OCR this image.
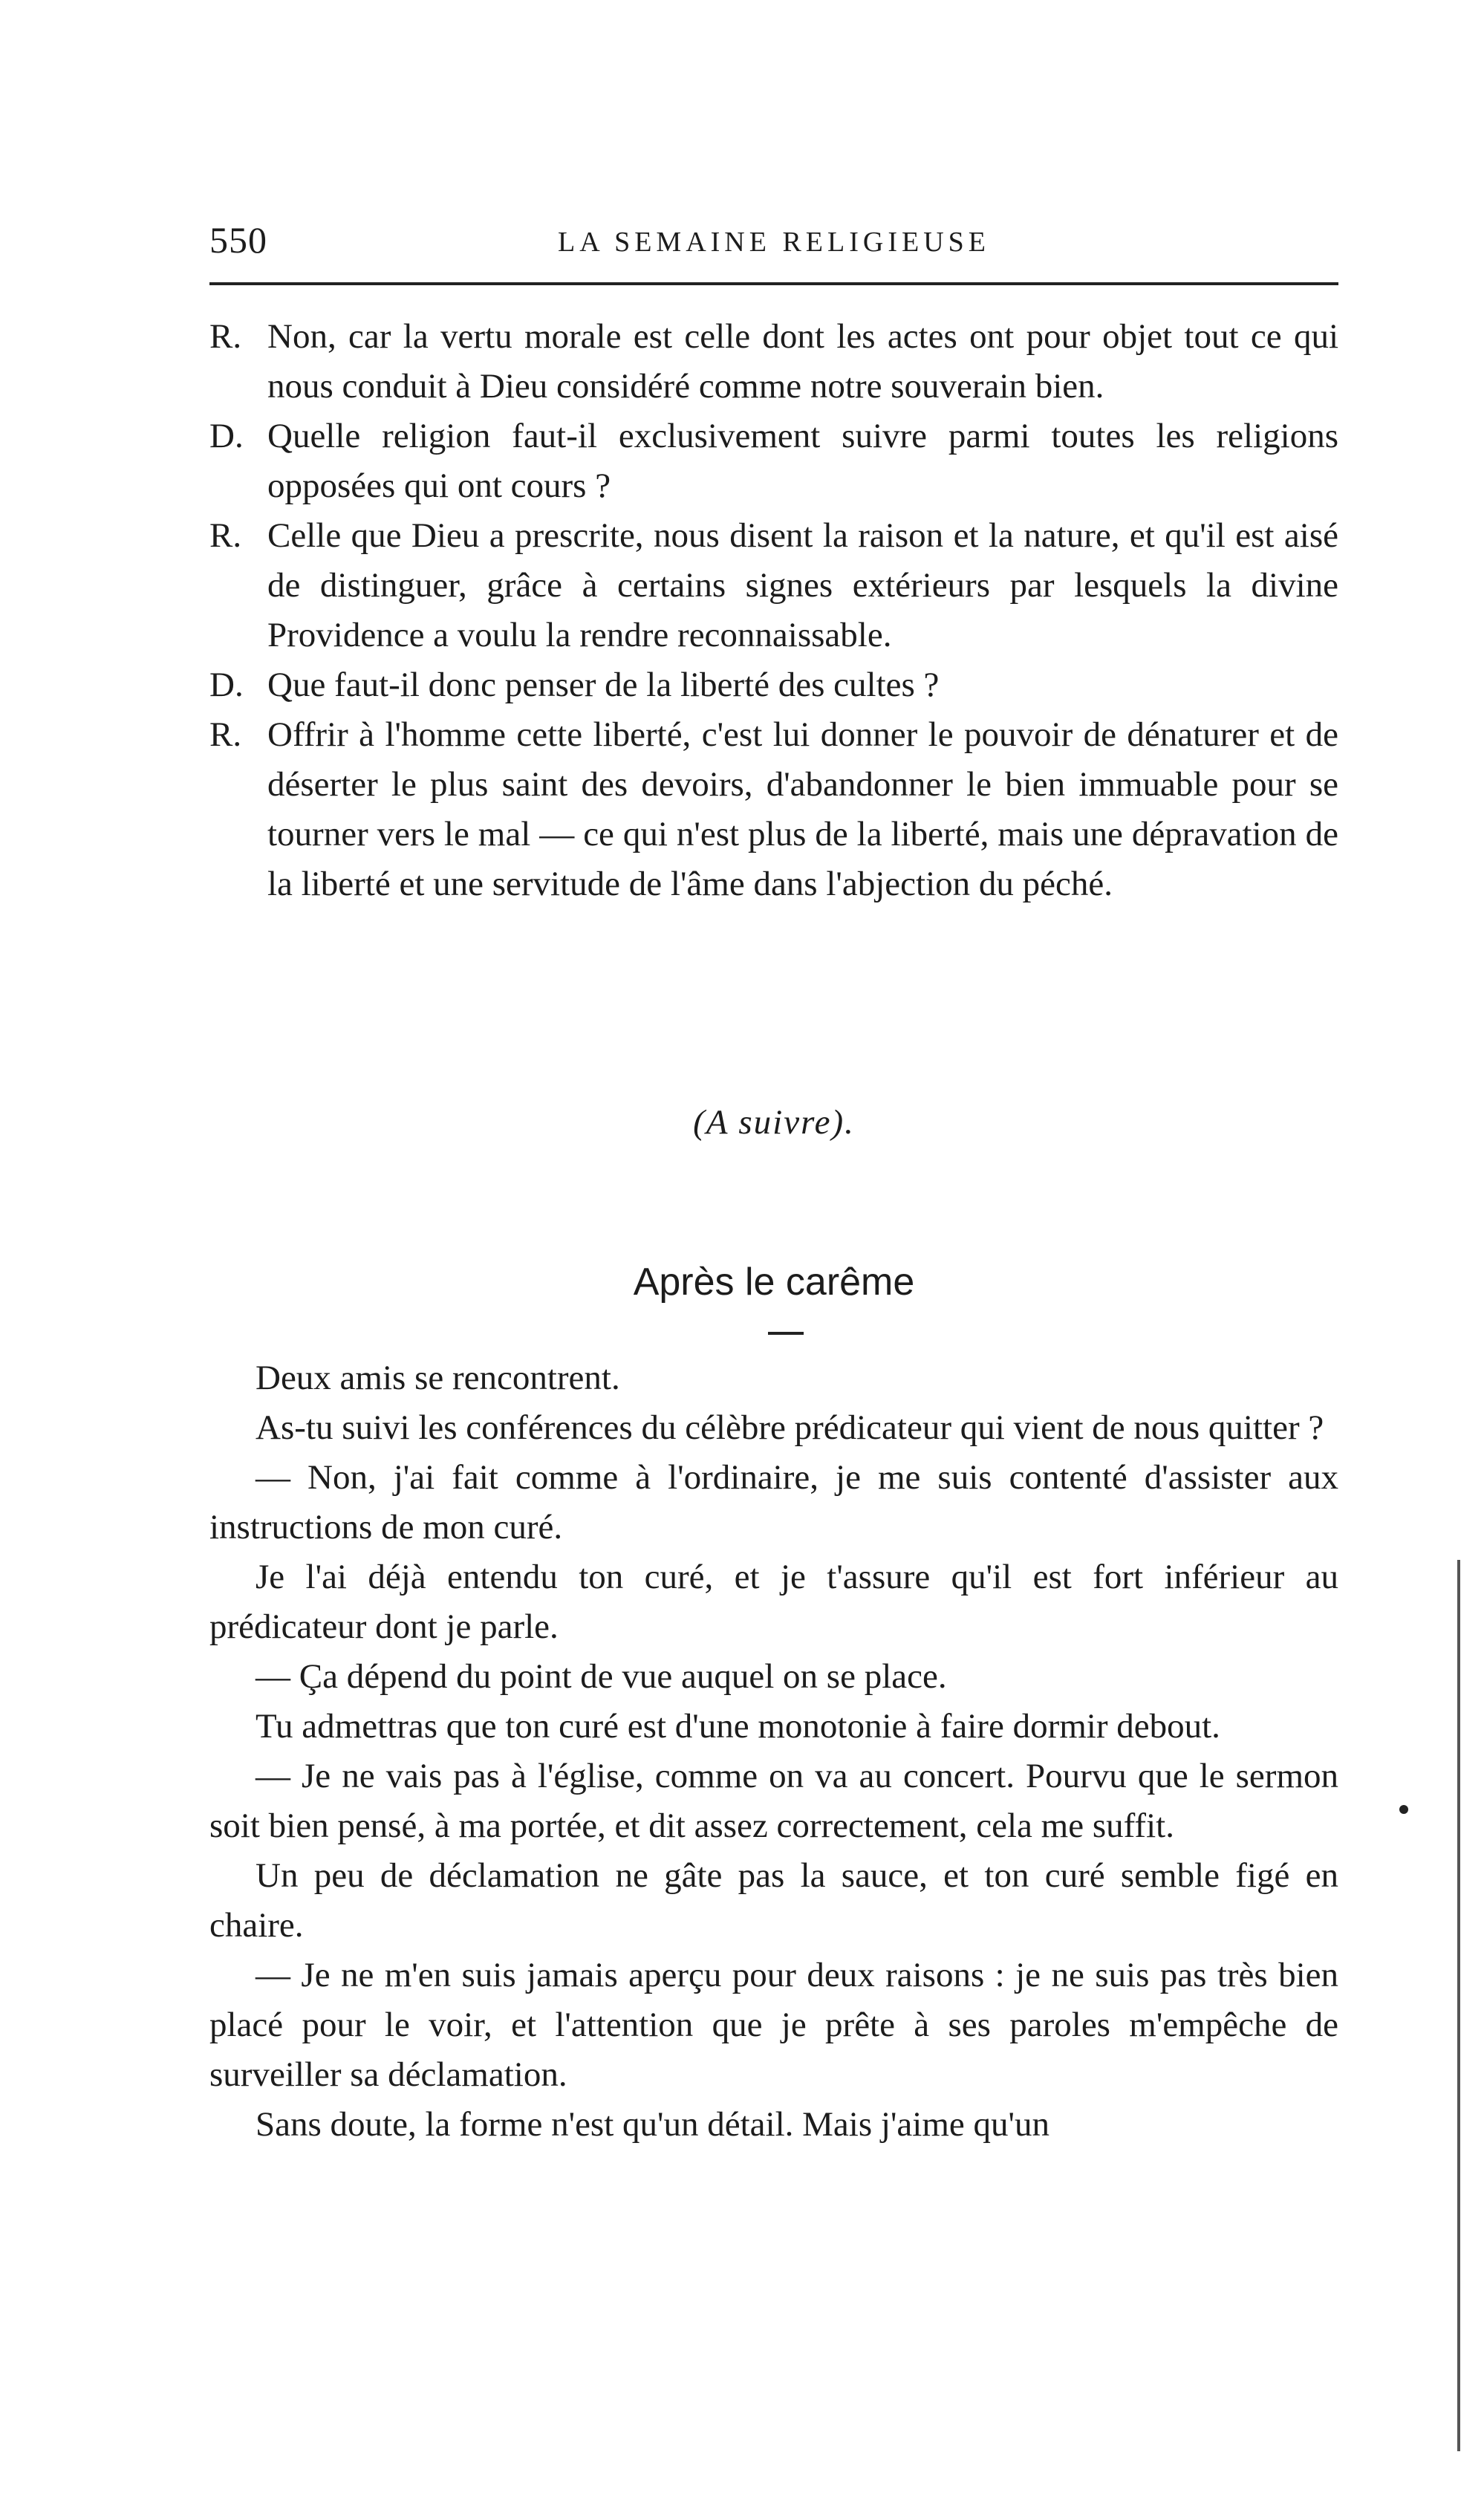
550	LA SEMAINE RELIGIEUSE

R. Non, car la vertu morale est celle dont les actes ont pour objet tout ce qui nous conduit à Dieu considéré comme notre souverain bien.

D. Quelle religion faut-il exclusivement suivre parmi toutes les religions opposées qui ont cours ?

R. Celle que Dieu a prescrite, nous disent la raison et la nature, et qu'il est aisé de distinguer, grâce à certains signes extérieurs par lesquels la divine Providence a voulu la rendre reconnaissable.

D. Que faut-il donc penser de la liberté des cultes ?

R. Offrir à l'homme cette liberté, c'est lui donner le pouvoir de dénaturer et de déserter le plus saint des devoirs, d'abandonner le bien immuable pour se tourner vers le mal — ce qui n'est plus de la liberté, mais une dépravation de la liberté et une servitude de l'âme dans l'abjection du péché.

(A suivre).
Après le carême

Deux amis se rencontrent.

As-tu suivi les conférences du célèbre prédicateur qui vient de nous quitter ?

— Non, j'ai fait comme à l'ordinaire, je me suis contenté d'assister aux instructions de mon curé.

Je l'ai déjà entendu ton curé, et je t'assure qu'il est fort inférieur au prédicateur dont je parle.

— Ça dépend du point de vue auquel on se place.

Tu admettras que ton curé est d'une monotonie à faire dormir debout.

— Je ne vais pas à l'église, comme on va au concert. Pourvu que le sermon soit bien pensé, à ma portée, et dit assez correctement, cela me suffit.

Un peu de déclamation ne gâte pas la sauce, et ton curé semble figé en chaire.

— Je ne m'en suis jamais aperçu pour deux raisons : je ne suis pas très bien placé pour le voir, et l'attention que je prête à ses paroles m'empêche de surveiller sa déclamation.

Sans doute, la forme n'est qu'un détail. Mais j'aime qu'un
